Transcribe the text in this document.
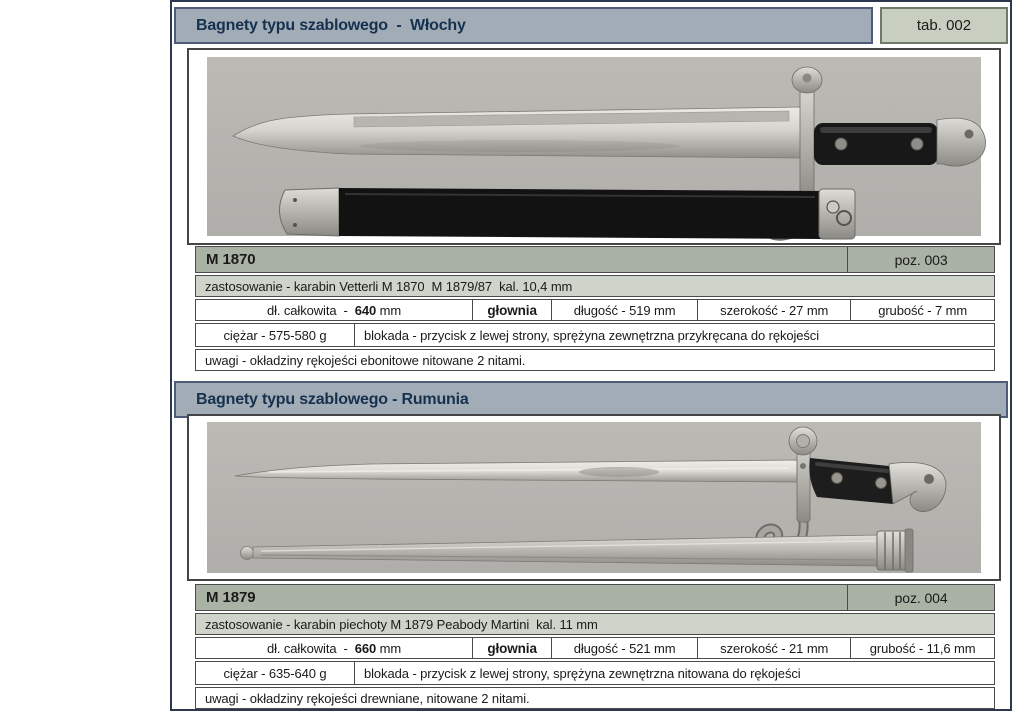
Bagnety typu szablowego  -  Włochy	tab. 002
M 1870	poz. 003
zastosowanie - karabin Vetterli M 1870  M 1879/87  kal. 10,4 mm
dł. całkowita  - 640 mm	głownia	długość - 519 mm	szerokość - 27 mm	grubość - 7 mm
ciężar - 575-580 g	blokada - przycisk z lewej strony, sprężyna zewnętrzna przykręcana do rękojeści
uwagi - okładziny rękojeści ebonitowe nitowane 2 nitami.
Bagnety typu szablowego - Rumunia
M 1879	poz. 004
zastosowanie - karabin piechoty M 1879 Peabody Martini  kal. 11 mm
dł. całkowita  - 660 mm	głownia	długość - 521 mm	szerokość - 21 mm	grubość - 11,6 mm
ciężar - 635-640 g	blokada - przycisk z lewej strony, sprężyna zewnętrzna nitowana do rękojeści
uwagi - okładziny rękojeści drewniane, nitowane 2 nitami.
